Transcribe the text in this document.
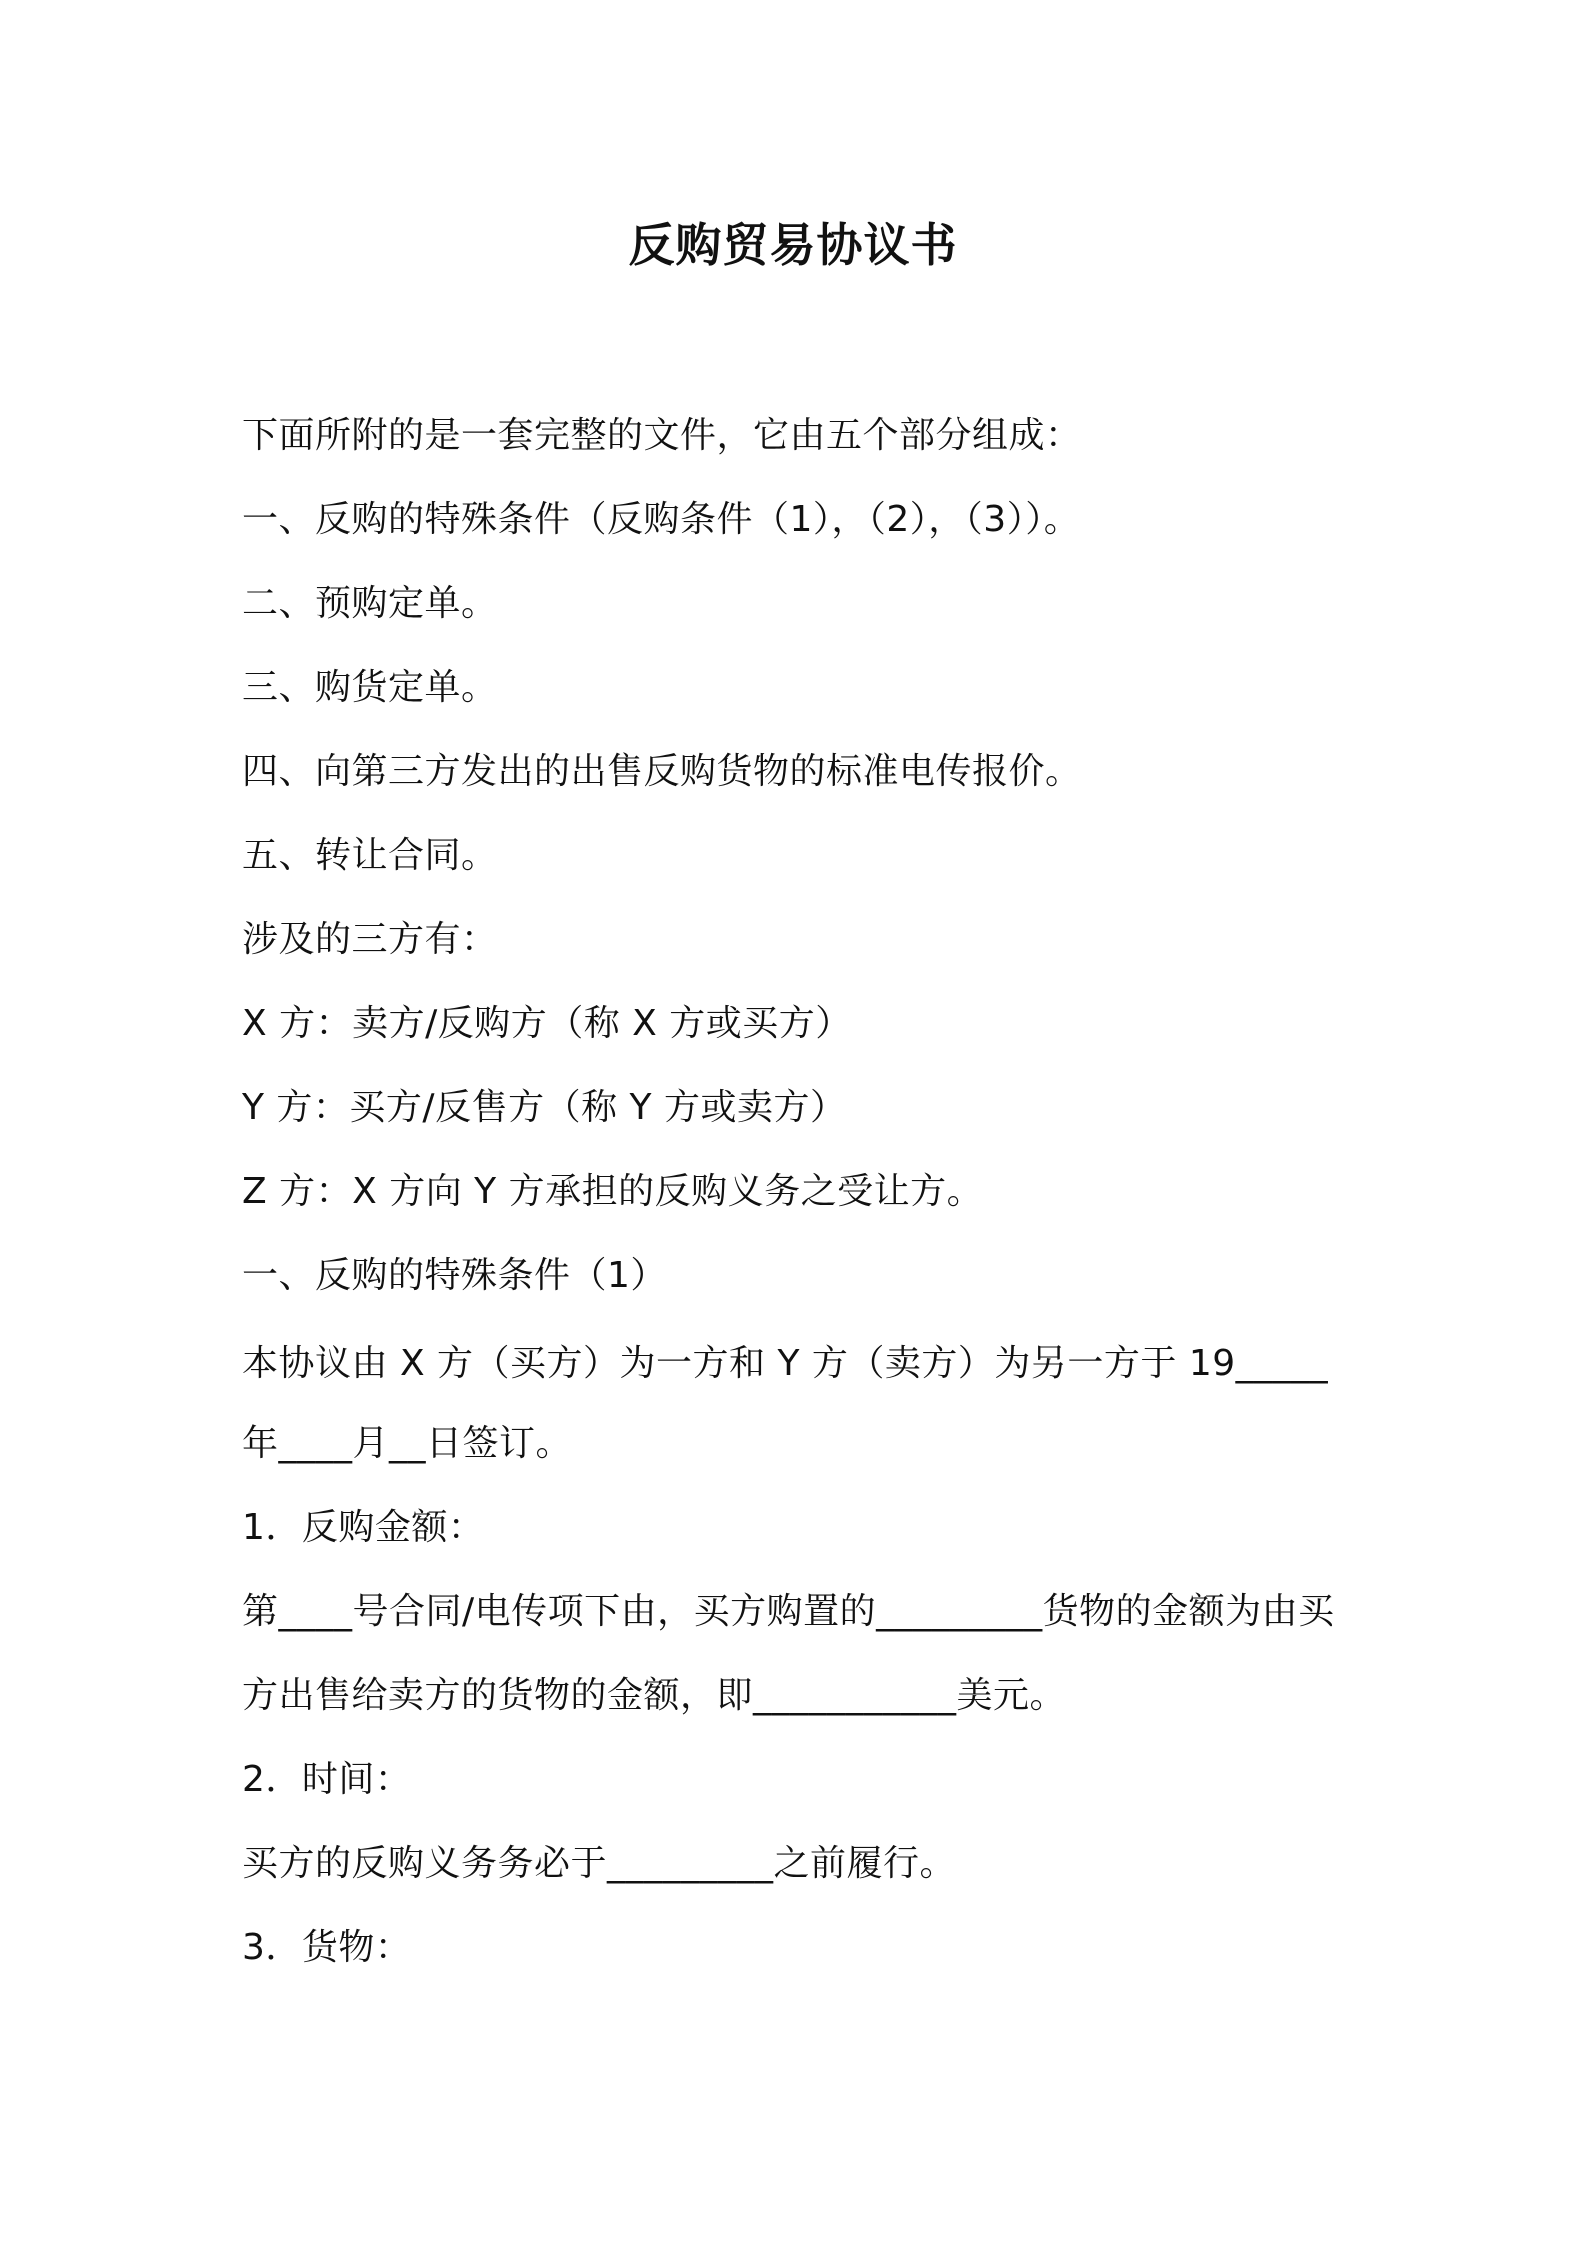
反购贸易协议书
下面所附的是一套完整的文件，它由五个部分组成：
一、反购的特殊条件（反购条件（1），（2），（3））。
二、预购定单。
三、购货定单。
四、向第三方发出的出售反购货物的标准电传报价。
五、转让合同。
涉及的三方有：
X 方：卖方/反购方（称 X 方或买方）
Y 方：买方/反售方（称 Y 方或卖方）
Z 方：X 方向 Y 方承担的反购义务之受让方。
一、反购的特殊条件（1）
本协议由 X 方（买方）为一方和 Y 方（卖方）为另一方于 19_____
年____月__日签订。
1．反购金额：
第____号合同/电传项下由，买方购置的_________货物的金额为由买
方出售给卖方的货物的金额，即___________美元。
2．时间：
买方的反购义务务必于_________之前履行。
3．货物：
